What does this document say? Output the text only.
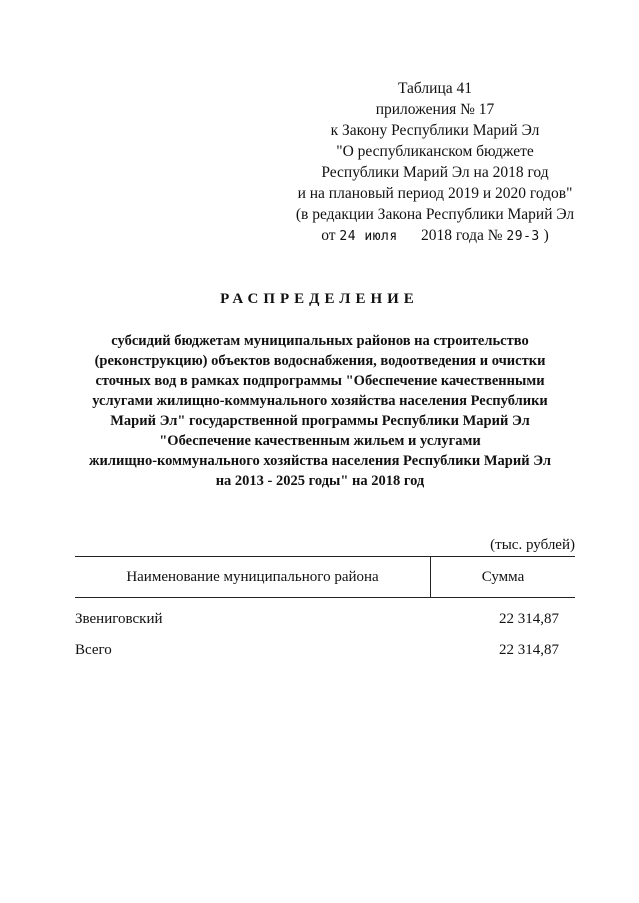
Таблица 41
приложения № 17
к Закону Республики Марий Эл
"О республиканском бюджете
Республики Марий Эл на 2018 год
и на плановый период 2019 и 2020 годов"
(в редакции Закона Республики Марий Эл
от 24 июля 2018 года № 29-З )
РАСПРЕДЕЛЕНИЕ
субсидий бюджетам муниципальных районов на строительство
(реконструкцию) объектов водоснабжения, водоотведения и очистки
сточных вод в рамках подпрограммы "Обеспечение качественными
услугами жилищно-коммунального хозяйства населения Республики
Марий Эл" государственной программы Республики Марий Эл
"Обеспечение качественным жильем и услугами
жилищно-коммунального хозяйства населения Республики Марий Эл
на 2013 - 2025 годы" на 2018 год
(тыс. рублей)
Наименование муниципального района	Сумма
Звениговский	22 314,87
Всего	22 314,87
